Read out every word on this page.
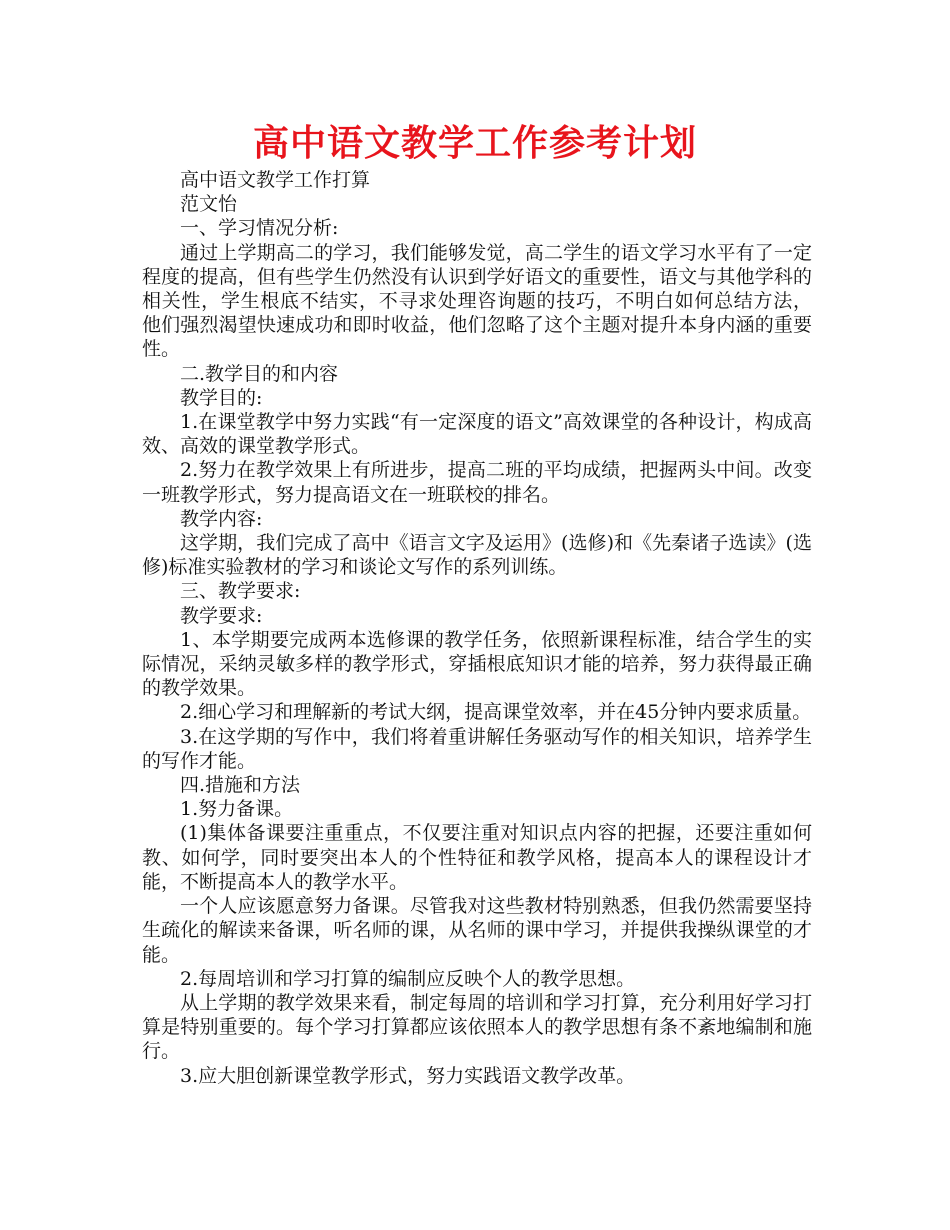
高中语文教学工作参考计划

高中语文教学工作打算

范文怡

一、学习情况分析:

通过上学期高二的学习，我们能够发觉，高二学生的语文学习水平有了一定程度的提高，但有些学生仍然没有认识到学好语文的重要性，语文与其他学科的相关性，学生根底不结实，不寻求处理咨询题的技巧，不明白如何总结方法， 他们强烈渴望快速成功和即时收益，他们忽略了这个主题对提升本身内涵的重要性。

二.教学目的和内容

教学目的:

1.在课堂教学中努力实践“有一定深度的语文”高效课堂的各种设计，构成高效、高效的课堂教学形式。

2.努力在教学效果上有所进步，提高二班的平均成绩，把握两头中间。改变一班教学形式，努力提高语文在一班联校的排名。

教学内容:

这学期，我们完成了高中《语言文字及运用》(选修)和《先秦诸子选读》(选修)标准实验教材的学习和谈论文写作的系列训练。

三、教学要求:

教学要求:

1、本学期要完成两本选修课的教学任务，依照新课程标准，结合学生的实际情况，采纳灵敏多样的教学形式，穿插根底知识才能的培养，努力获得最正确的教学效果。

2.细心学习和理解新的考试大纲，提高课堂效率，并在45分钟内要求质量。

3.在这学期的写作中，我们将着重讲解任务驱动写作的相关知识，培养学生的写作才能。

四.措施和方法

1.努力备课。

(1)集体备课要注重重点，不仅要注重对知识点内容的把握，还要注重如何教、如何学，同时要突出本人的个性特征和教学风格，提高本人的课程设计才能，不断提高本人的教学水平。

一个人应该愿意努力备课。尽管我对这些教材特别熟悉，但我仍然需要坚持生疏化的解读来备课，听名师的课，从名师的课中学习，并提供我操纵课堂的才能。

2.每周培训和学习打算的编制应反映个人的教学思想。

从上学期的教学效果来看，制定每周的培训和学习打算，充分利用好学习打算是特别重要的。每个学习打算都应该依照本人的教学思想有条不紊地编制和施行。

3.应大胆创新课堂教学形式，努力实践语文教学改革。
